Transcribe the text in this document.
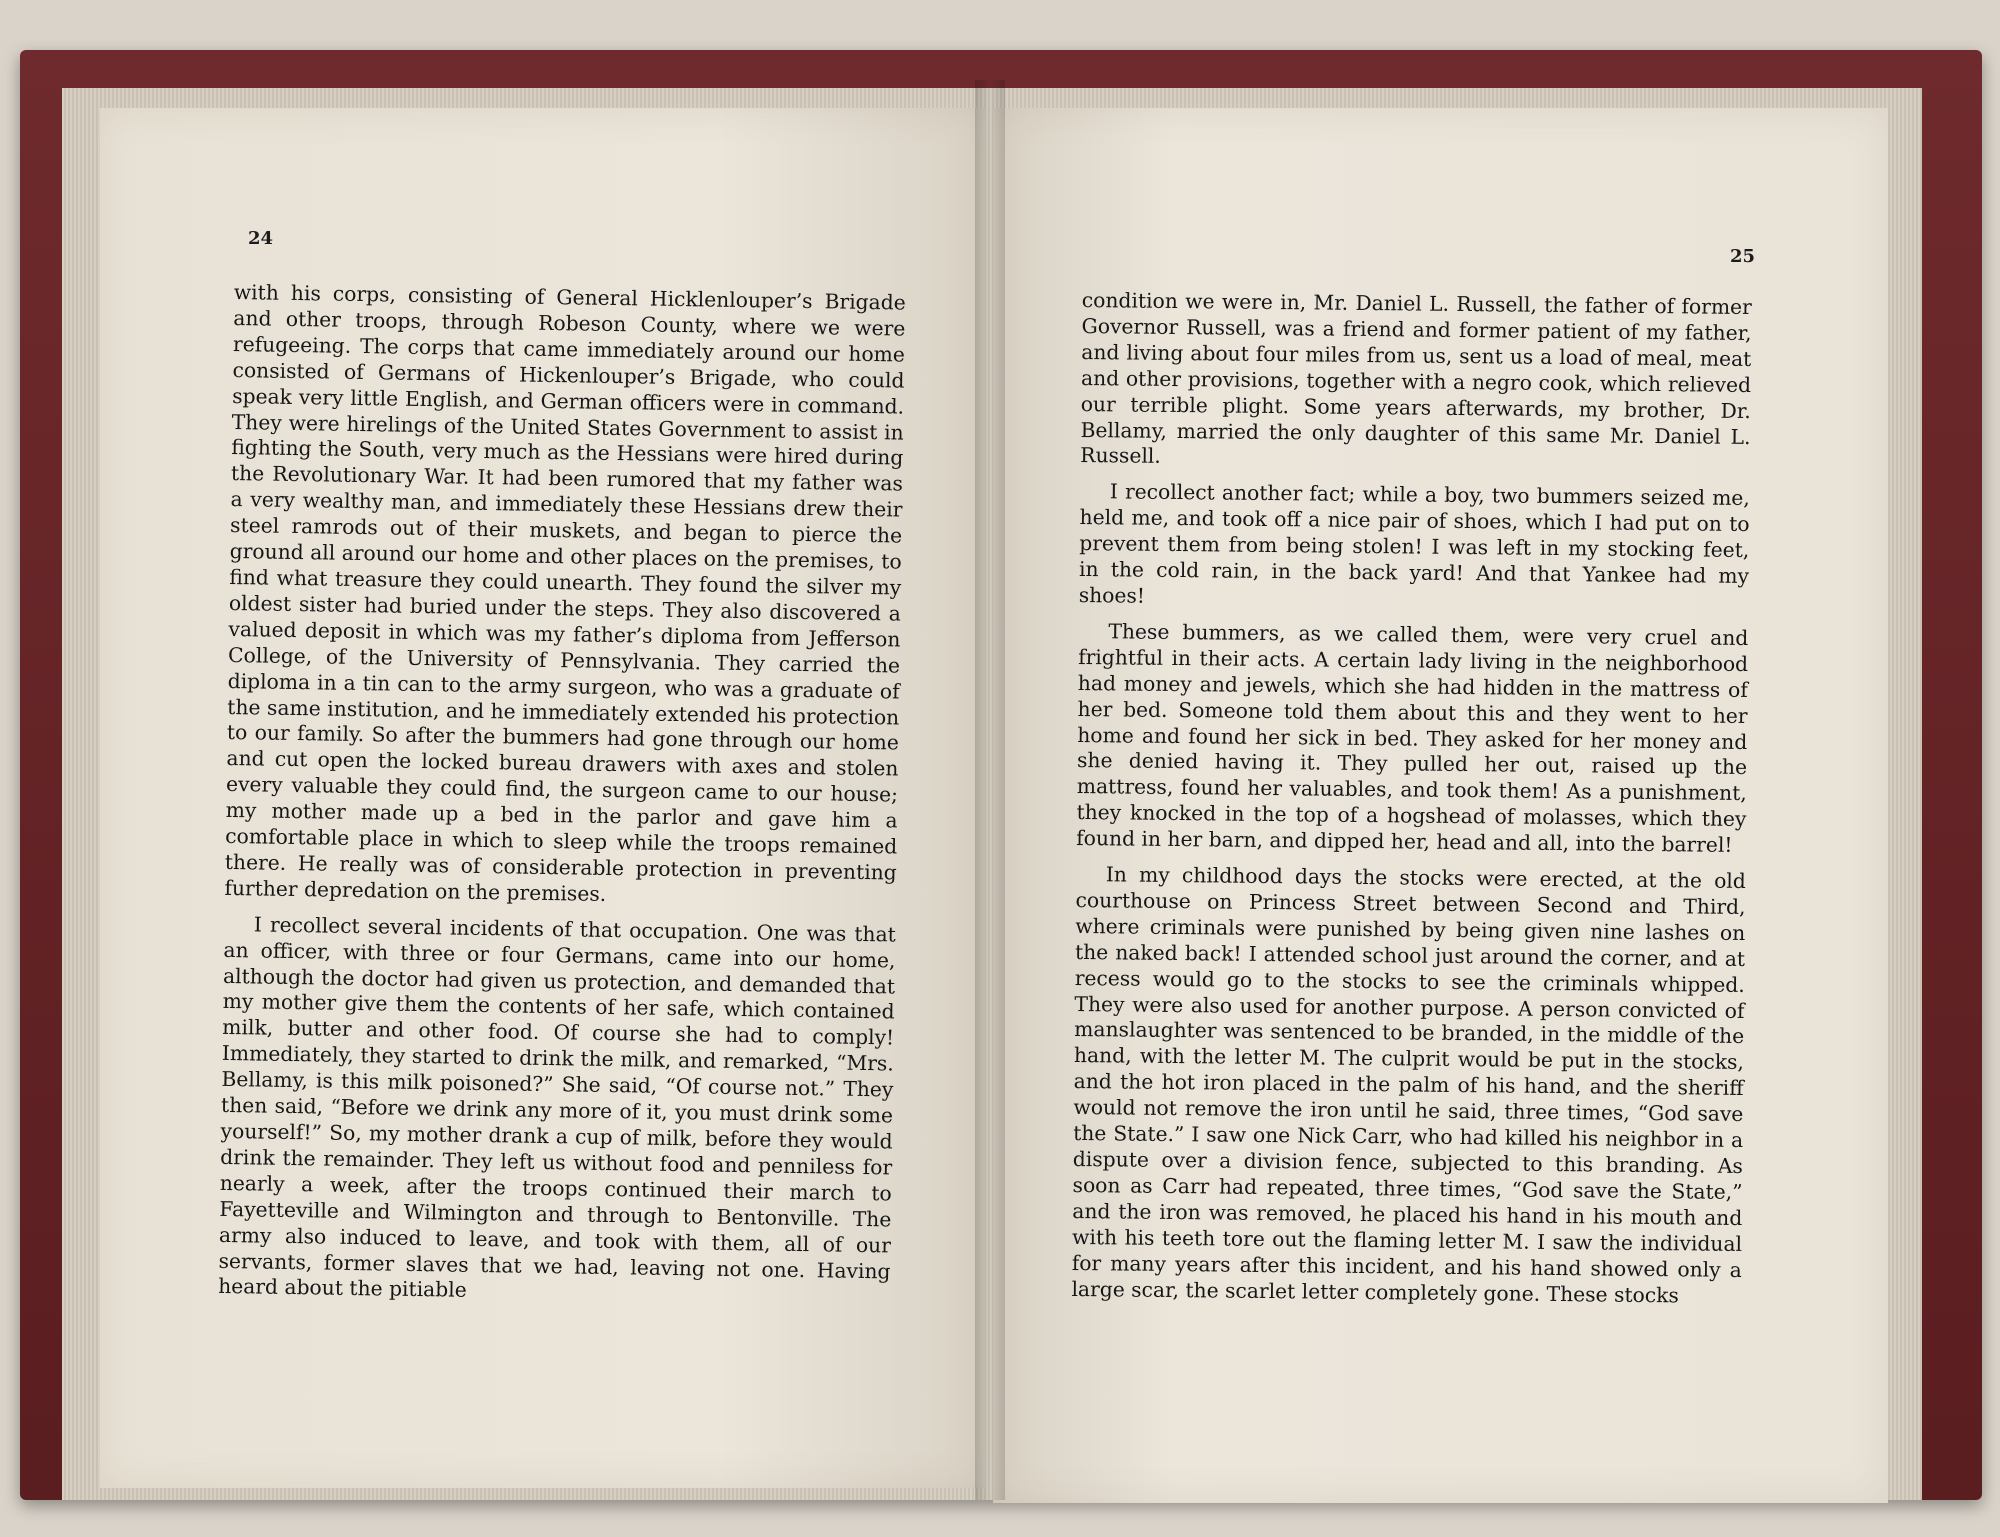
24
25

with his corps, consisting of General Hicklenlouper’s Brigade and other troops, through Robeson County, where we were refugeeing. The corps that came immediately around our home consisted of Germans of Hickenlouper’s Brigade, who could speak very little English, and German officers were in command. They were hirelings of the United States Government to assist in fighting the South, very much as the Hessians were hired during the Revolutionary War. It had been rumored that my father was a very wealthy man, and immediately these Hessians drew their steel ramrods out of their muskets, and began to pierce the ground all around our home and other places on the premises, to find what treasure they could unearth. They found the silver my oldest sister had buried under the steps. They also discovered a valued deposit in which was my father’s diploma from Jefferson College, of the University of Pennsylvania. They carried the diploma in a tin can to the army surgeon, who was a graduate of the same institution, and he immediately extended his protection to our family. So after the bummers had gone through our home and cut open the locked bureau drawers with axes and stolen every valuable they could find, the surgeon came to our house; my mother made up a bed in the parlor and gave him a comfortable place in which to sleep while the troops remained there. He really was of considerable protection in preventing further depredation on the premises.

I recollect several incidents of that occupation. One was that an officer, with three or four Germans, came into our home, although the doctor had given us protection, and demanded that my mother give them the contents of her safe, which contained milk, butter and other food. Of course she had to comply! Immediately, they started to drink the milk, and remarked, “Mrs. Bellamy, is this milk poisoned?” She said, “Of course not.” They then said, “Before we drink any more of it, you must drink some yourself!” So, my mother drank a cup of milk, before they would drink the remainder. They left us without food and penniless for nearly a week, after the troops continued their march to Fayetteville and Wilmington and through to Bentonville. The army also induced to leave, and took with them, all of our servants, former slaves that we had, leaving not one. Having heard about the pitiable

condition we were in, Mr. Daniel L. Russell, the father of former Governor Russell, was a friend and former patient of my father, and living about four miles from us, sent us a load of meal, meat and other provisions, together with a negro cook, which relieved our terrible plight. Some years afterwards, my brother, Dr. Bellamy, married the only daughter of this same Mr. Daniel L. Russell.

I recollect another fact; while a boy, two bummers seized me, held me, and took off a nice pair of shoes, which I had put on to prevent them from being stolen! I was left in my stocking feet, in the cold rain, in the back yard! And that Yankee had my shoes!

These bummers, as we called them, were very cruel and frightful in their acts. A certain lady living in the neighborhood had money and jewels, which she had hidden in the mattress of her bed. Someone told them about this and they went to her home and found her sick in bed. They asked for her money and she denied having it. They pulled her out, raised up the mattress, found her valuables, and took them! As a punishment, they knocked in the top of a hogshead of molasses, which they found in her barn, and dipped her, head and all, into the barrel!

In my childhood days the stocks were erected, at the old courthouse on Princess Street between Second and Third, where criminals were punished by being given nine lashes on the naked back! I attended school just around the corner, and at recess would go to the stocks to see the criminals whipped. They were also used for another purpose. A person convicted of manslaughter was sentenced to be branded, in the middle of the hand, with the letter M. The culprit would be put in the stocks, and the hot iron placed in the palm of his hand, and the sheriff would not remove the iron until he said, three times, “God save the State.” I saw one Nick Carr, who had killed his neighbor in a dispute over a division fence, subjected to this branding. As soon as Carr had repeated, three times, “God save the State,” and the iron was removed, he placed his hand in his mouth and with his teeth tore out the flaming letter M. I saw the individual for many years after this incident, and his hand showed only a large scar, the scarlet letter completely gone. These stocks
